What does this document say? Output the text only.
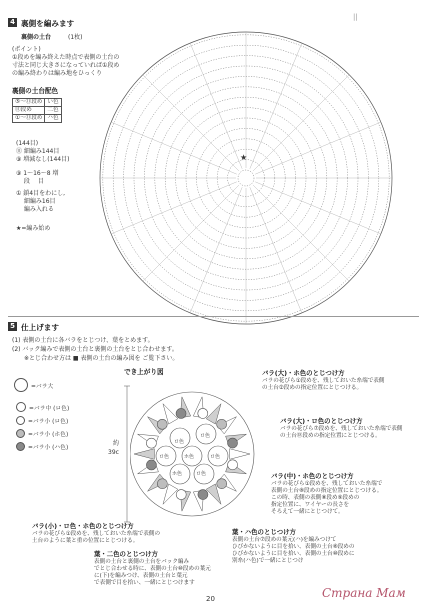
4 裏側を編みます
||
裏側の土台	(1枚)
(ポイント)
①段めを編み終えた時点で表側の土台の
寸法と同じ大きさになっていれば①段め
の編み終わりは編み地をひっくり
裏側の土台配色
⑤〜⑪段め	い色
⑪段め	二色
①〜⑪段め	ハ色
(144目)
⑪ 細編み144目
⑨ 増減なし(144目)
⑨ 1〜16〜8 増
　 段 　目
① 鎖4目をわにし,
　 細編み16目
　 編み入れる
★=編み始め
★
5 仕上げます
(1) 表側の土台に各バラをとじつけ、葉をとめます。
(2) バック編みで表側の土台と裏側の土台をとじ合わせます。
　　※とじ合わせ方は ■ 表側の土台の編み図を ご覧下さい。
でき上がり図
=バラ大
=バラ中 (ロ色)
=バラ小 (ロ色)
=バラ小 (ホ色)
=バラ小 (ハ色)
約
39c
ロ色
ロ色
ロ色	ホ色	ロ色
ホ色	ロ色
バラ(大)・ホ色のとじつけ方
バラの花びら①段めを、残しておいた糸端で表側
の土台②段めの指定位置にとじつける。
バラ(大)・ロ色のとじつけ方
バラの花びら⑦段めを、残しておいた糸端で表側
の土台⑱段めの指定位置にとじつける。
バラ(中)・ホ色のとじつけ方
バラの花びら①段めを、残しておいた糸端で
表側の土台⑧段めの指定位置にとじつける。
この時、表側の表側⑧段め⑨段めの
指定位置に、ワイヤーの長さを
そろえて一緒にとじつけて。
バラ(小)・ロ色・ホ色のとじつけ方
バラの花びら①段めを、残しておいた糸端で表側の
土台のように葉と重の位置にとじつける。
葉・二色のとじつけ方
表側の土台と裏側の土台をバック編み
でとじ合わせる時に、表側の土台⑩段めの葉元
に(下)を編みつけ、表側の土台と葉元
で表側で目を拾い、一緒にとじつけます
葉・ハ色のとじつけ方
表側の土台⑦段めの葉元(ハ)を編みつけて
ひびかないように目を拾い、表側の土台⑧段めの
ひびかないように目を拾い、表側の土台⑩段めに
別糸(ハ色)で一緒にとじつけ
20	Страна Мам
